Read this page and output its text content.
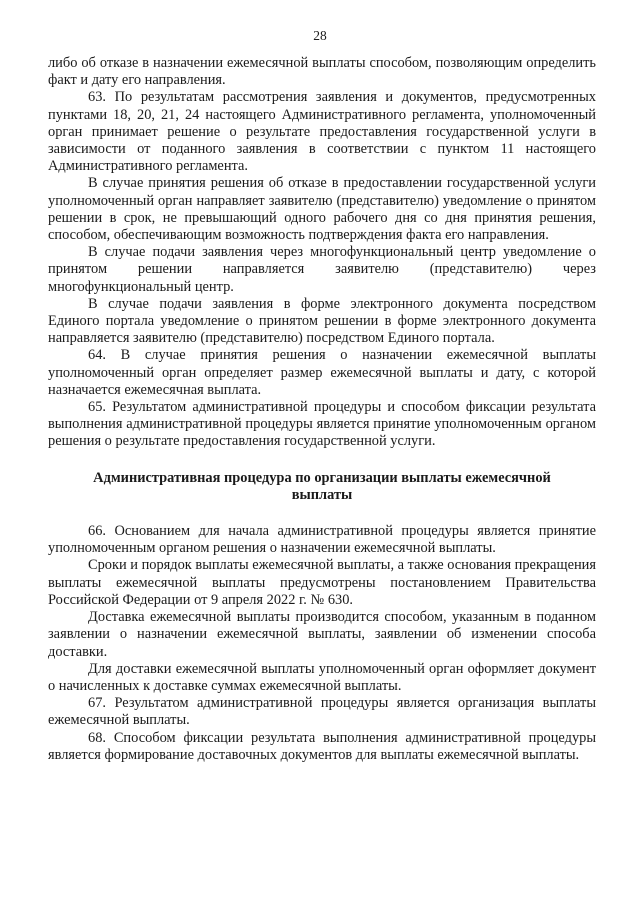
28

либо об отказе в назначении ежемесячной выплаты способом, позволяющим определить факт и дату его направления.

63. По результатам рассмотрения заявления и документов, предусмотренных пунктами 18, 20, 21, 24 настоящего Административного регламента, уполномоченный орган принимает решение о результате предоставления государственной услуги в зависимости от поданного заявления в соответствии с пунктом 11 настоящего Административного регламента.

В случае принятия решения об отказе в предоставлении государственной услуги уполномоченный орган направляет заявителю (представителю) уведомление о принятом решении в срок, не превышающий одного рабочего дня со дня принятия решения, способом, обеспечивающим возможность подтверждения факта его направления.

В случае подачи заявления через многофункциональный центр уведомление о принятом решении направляется заявителю (представителю) через многофункциональный центр.

В случае подачи заявления в форме электронного документа посредством Единого портала уведомление о принятом решении в форме электронного документа направляется заявителю (представителю) посредством Единого портала.

64. В случае принятия решения о назначении ежемесячной выплаты уполномоченный орган определяет размер ежемесячной выплаты и дату, с которой назначается ежемесячная выплата.

65. Результатом административной процедуры и способом фиксации результата выполнения административной процедуры является принятие уполномоченным органом решения о результате предоставления государственной услуги.

Административная процедура по организации выплаты ежемесячной выплаты

66. Основанием для начала административной процедуры является принятие уполномоченным органом решения о назначении ежемесячной выплаты.

Сроки и порядок выплаты ежемесячной выплаты, а также основания прекращения выплаты ежемесячной выплаты предусмотрены постановлением Правительства Российской Федерации от 9 апреля 2022 г. № 630.

Доставка ежемесячной выплаты производится способом, указанным в поданном заявлении о назначении ежемесячной выплаты, заявлении об изменении способа доставки.

Для доставки ежемесячной выплаты уполномоченный орган оформляет документ о начисленных к доставке суммах ежемесячной выплаты.

67. Результатом административной процедуры является организация выплаты ежемесячной выплаты.

68. Способом фиксации результата выполнения административной процедуры является формирование доставочных документов для выплаты ежемесячной выплаты.
